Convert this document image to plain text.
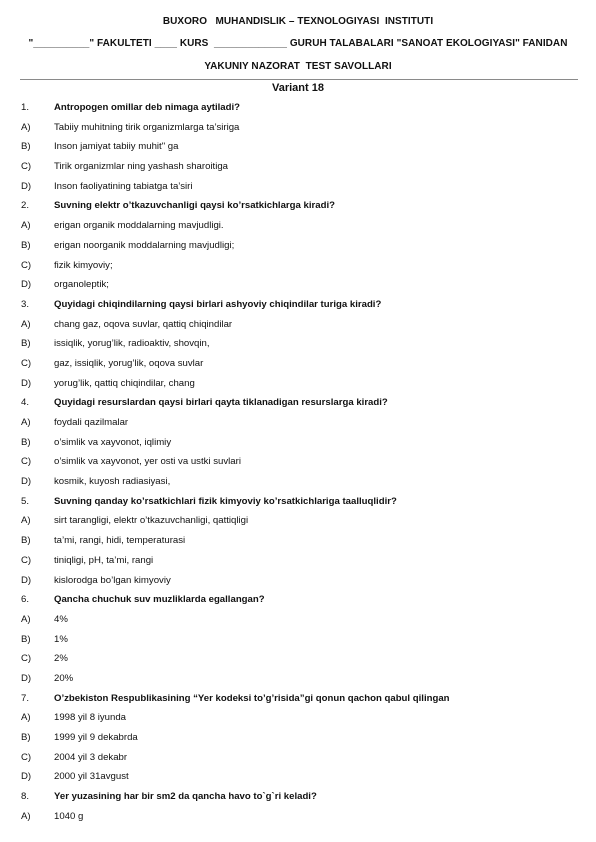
BUXORO   MUHANDISLIK – TEXNOLOGIYASI  INSTITUTI
"__________" FAKULTETI ____ KURS  _____________ GURUH TALABALARI "SANOAT EKOLOGIYASI" FANIDAN
YAKUNIY NAZORAT  TEST SAVOLLARI
Variant 18
1.	Antropogen omillar deb nimaga aytiladi?
A) Tabiiy muhitning tirik organizmlarga ta’siriga
B) Inson jamiyat tabiiy muhit" ga
C) Tirik organizmlar ning yashash sharoitiga
D) Inson faoliyatining tabiatga ta’siri
2.	Suvning elektr o’tkazuvchanligi qaysi ko’rsatkichlarga kiradi?
A) erigan organik moddalarning mavjudligi.
B) erigan noorganik moddalarning mavjudligi;
C) fizik kimyoviy;
D) organoleptik;
3.	Quyidagi chiqindilarning qaysi birlari ashyoviy chiqindilar turiga kiradi?
A) chang gaz, oqova suvlar, qattiq chiqindilar
B) issiqlik, yorug’lik, radioaktiv, shovqin,
C) gaz, issiqlik, yorug’lik, oqova suvlar
D) yorug’lik, qattiq chiqindilar, chang
4.	Quyidagi resurslardan qaysi birlari qayta tiklanadigan resurslarga kiradi?
A) foydali qazilmalar
B) o’simlik va xayvonot, iqlimiy
C) o’simlik va xayvonot, yer osti va ustki suvlari
D) kosmik, kuyosh radiasiyasi,
5.	Suvning qanday ko’rsatkichlari fizik kimyoviy ko’rsatkichlariga taalluqlidir?
A) sirt tarangligi, elektr o’tkazuvchanligi, qattiqligi
B) ta’mi, rangi, hidi, temperaturasi
C) tiniqligi, pH, ta’mi, rangi
D) kislorodga bo’lgan kimyoviy
6.	Qancha chuchuk suv muzliklarda egallangan?
A) 4%
B) 1%
C) 2%
D) 20%
7.	O’zbekiston Respublikasining “Yer kodeksi to’g’risida”gi qonun qachon qabul qilingan
A) 1998 yil 8 iyunda
B) 1999 yil 9 dekabrda
C) 2004 yil 3 dekabr
D) 2000 yil 31avgust
8.	Yer yuzasining har bir sm2 da qancha havo to`g`ri keladi?
A) 1040 g
